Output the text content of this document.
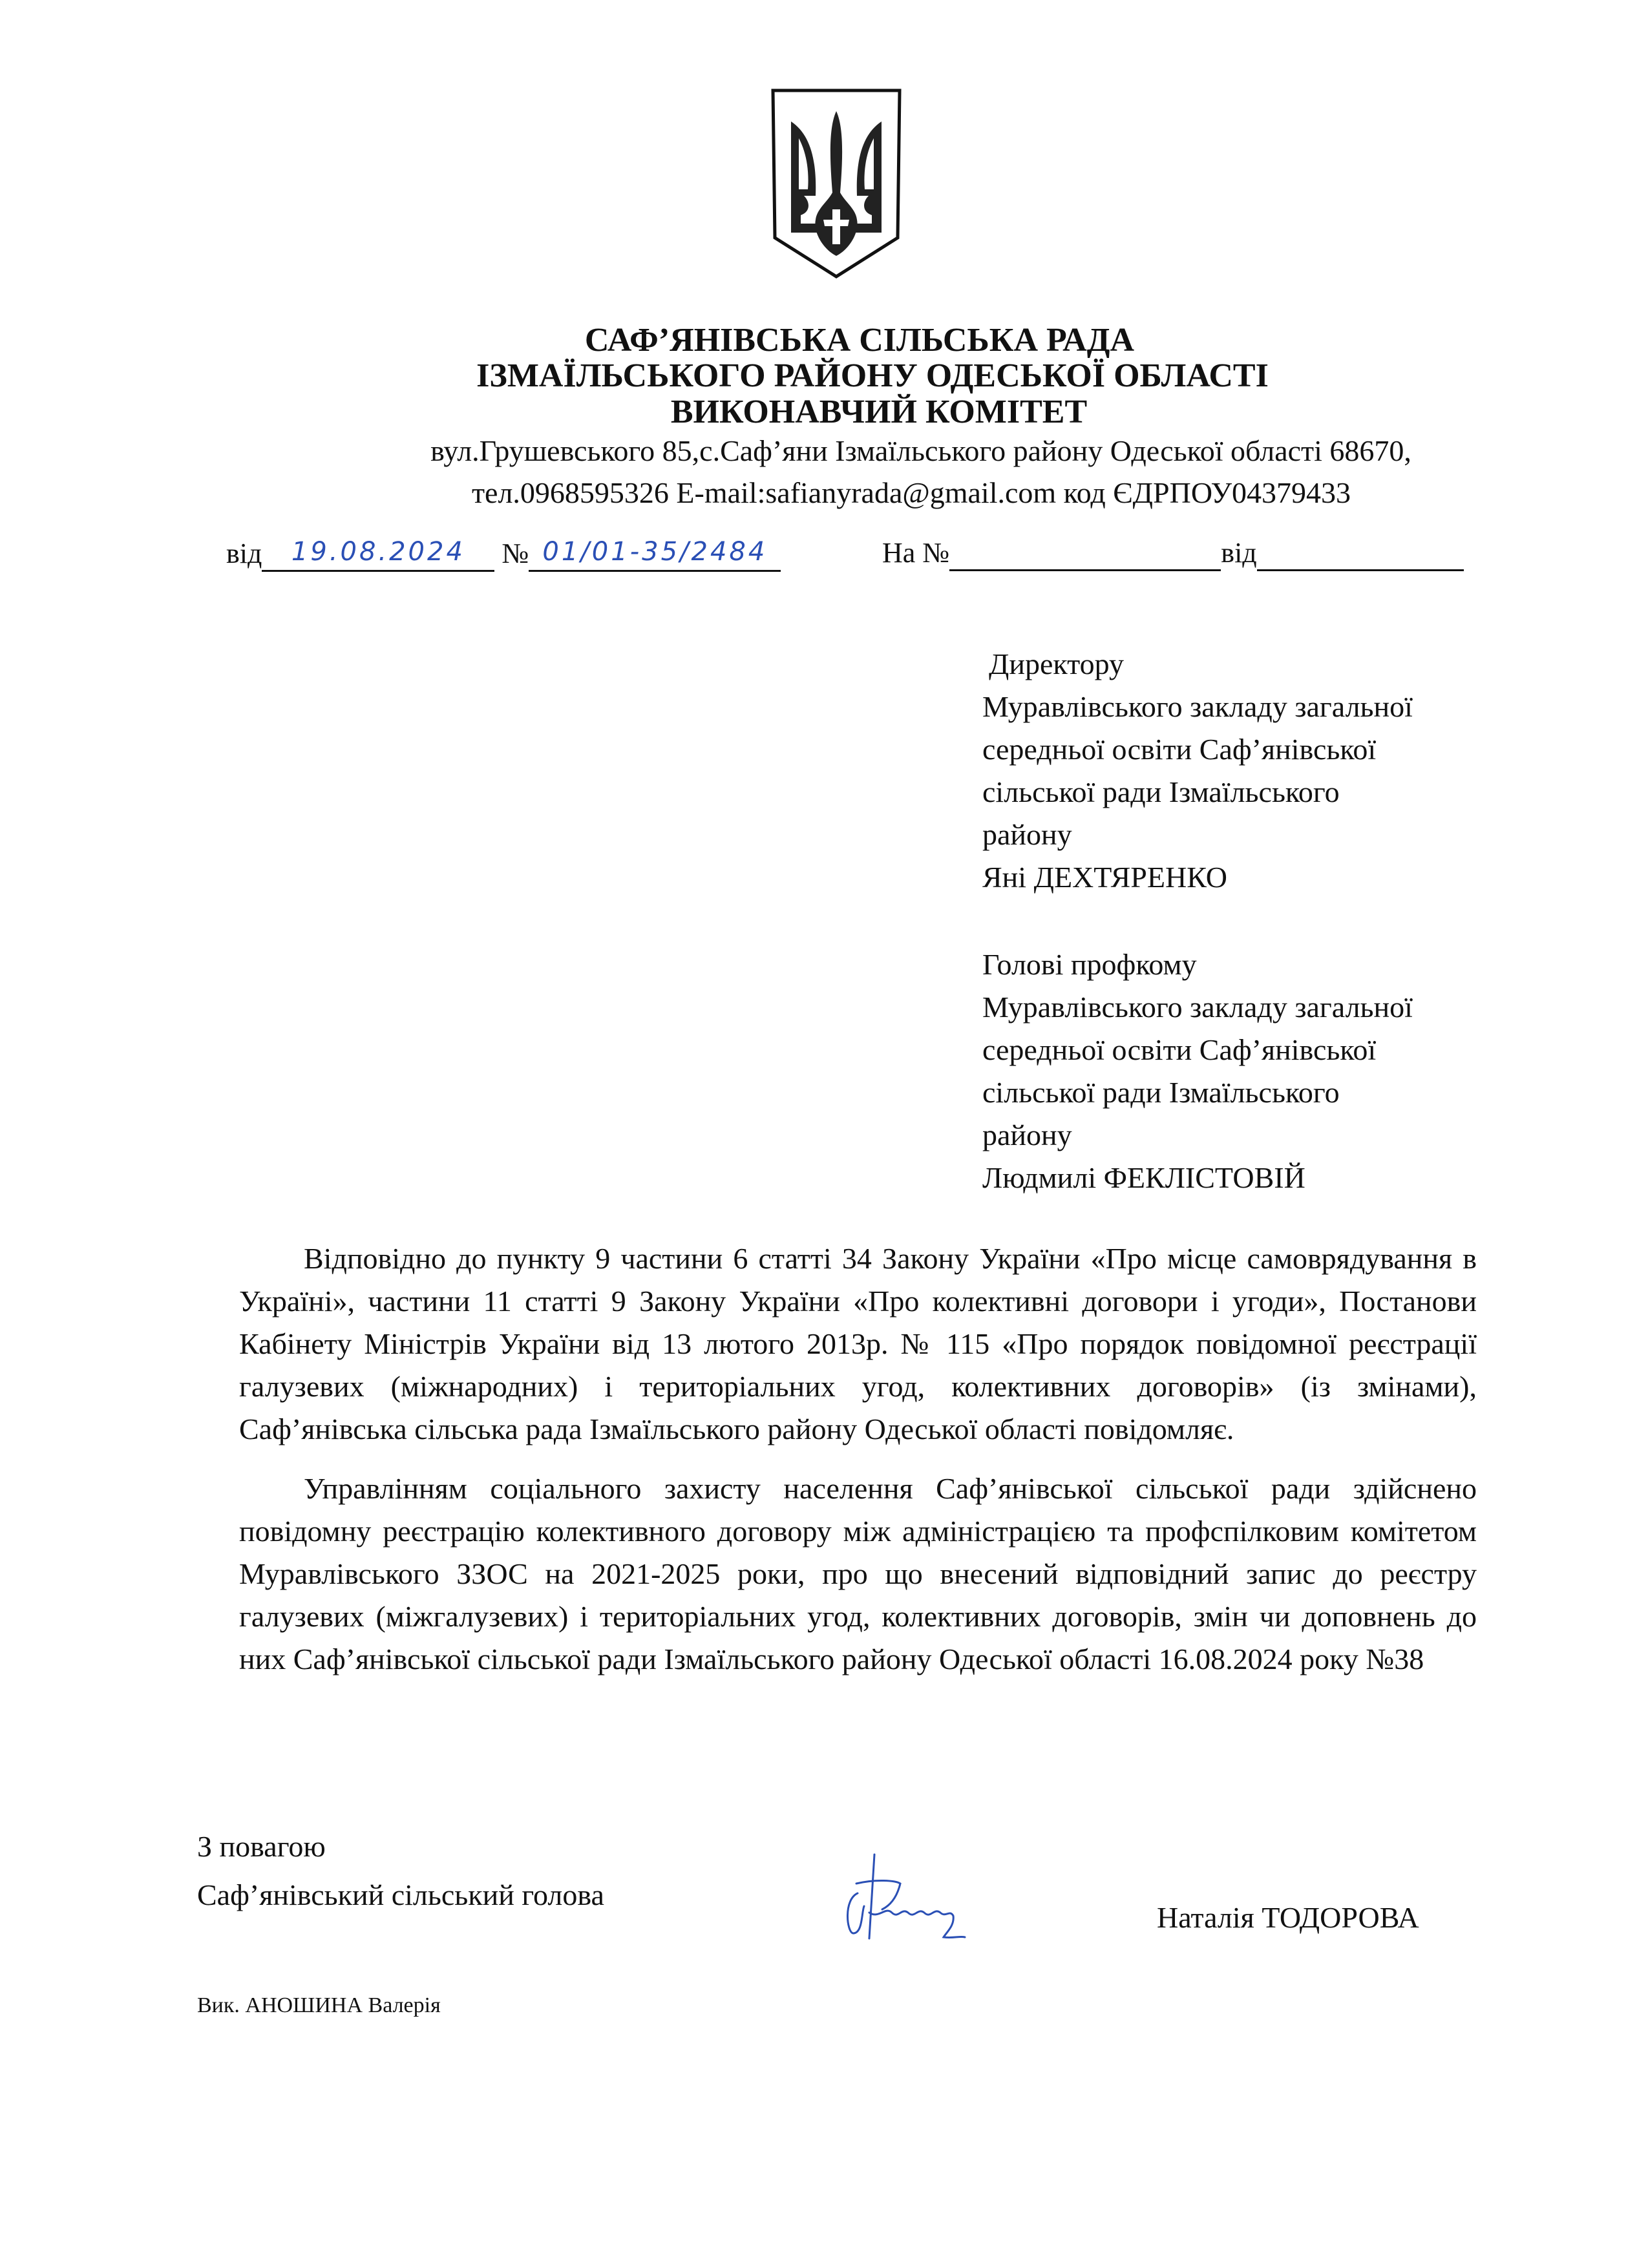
САФ’ЯНІВСЬКА СІЛЬСЬКА РАДА
ІЗМАЇЛЬСЬКОГО РАЙОНУ ОДЕСЬКОЇ ОБЛАСТІ
ВИКОНАВЧИЙ КОМІТЕТ
вул.Грушевського 85,с.Саф’яни Ізмаїльського району Одеської області 68670,
тел.0968595326 E-mail:safianyrada@gmail.com код ЄДРПОУ04379433
від 19.08.2024 № 01/01-35/2484	На №	від
Директору
Муравлівського закладу загальної
середньої освіти Саф’янівської
сільської ради Ізмаїльського
району
Яні ДЕХТЯРЕНКО
Голові профкому
Муравлівського закладу загальної
середньої освіти Саф’янівської
сільської ради Ізмаїльського
району
Людмилі ФЕКЛІСТОВІЙ

Відповідно до пункту 9 частини 6 статті 34 Закону України «Про місце самоврядування в Україні», частини 11 статті 9 Закону України «Про колективні договори і угоди», Постанови Кабінету Міністрів України від 13 лютого 2013р. № 115 «Про порядок повідомної реєстрації галузевих (міжнародних) і територіальних угод, колективних договорів» (із змінами), Саф’янівська сільська рада Ізмаїльського району Одеської області повідомляє.

Управлінням соціального захисту населення Саф’янівської сільської ради здійснено повідомну реєстрацію колективного договору між адміністрацією та профспілковим комітетом Муравлівського ЗЗОС на 2021-2025 роки, про що внесений відповідний запис до реєстру галузевих (міжгалузевих) і територіальних угод, колективних договорів, змін чи доповнень до них Саф’янівської сільської ради Ізмаїльського району Одеської області 16.08.2024 року №38

З повагою
Саф’янівський сільський голова
Наталія ТОДОРОВА
Вик. АНОШИНА Валерія
